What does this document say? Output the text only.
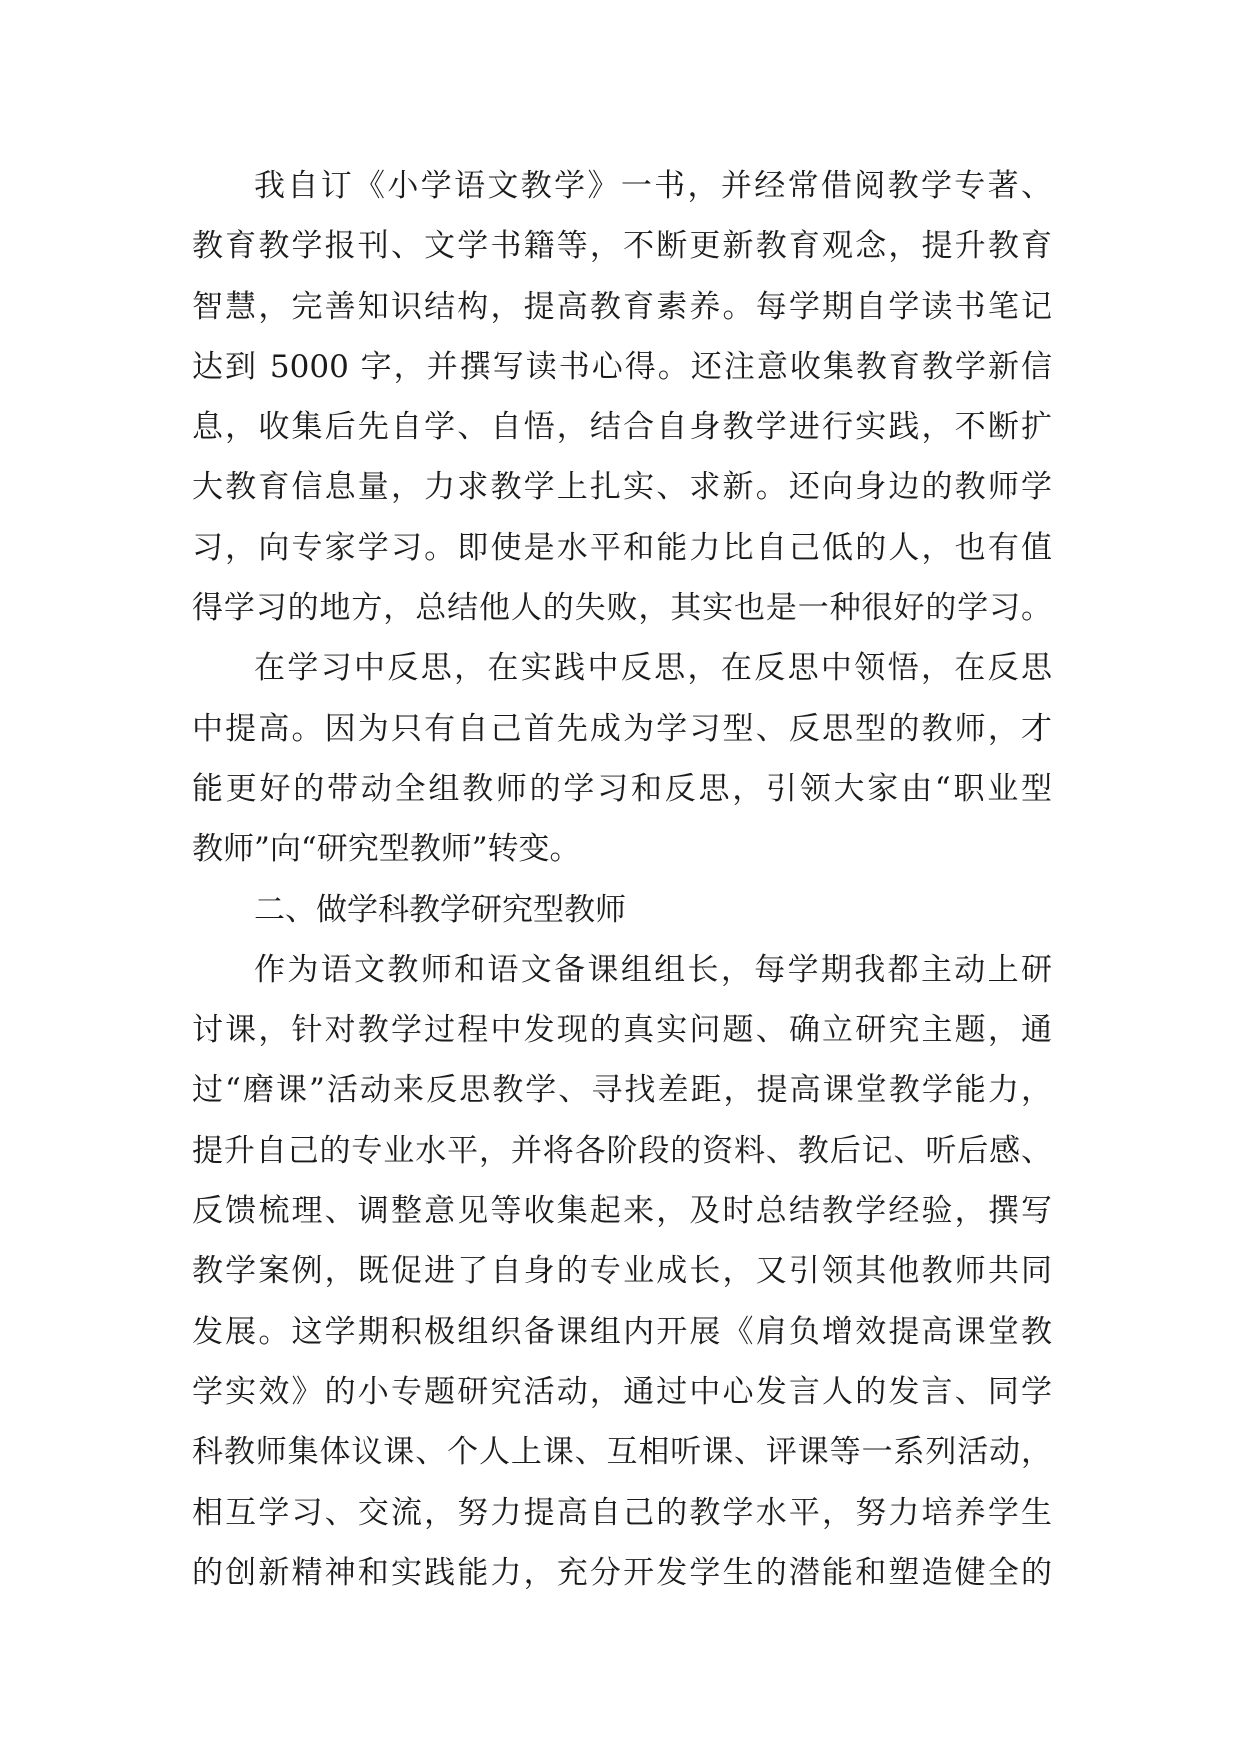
我自订《小学语文教学》一书，并经常借阅教学专著、
教育教学报刊、文学书籍等，不断更新教育观念，提升教育
智慧，完善知识结构，提高教育素养。每学期自学读书笔记
达到 5000 字，并撰写读书心得。还注意收集教育教学新信
息，收集后先自学、自悟，结合自身教学进行实践，不断扩
大教育信息量，力求教学上扎实、求新。还向身边的教师学
习，向专家学习。即使是水平和能力比自己低的人，也有值
得学习的地方，总结他人的失败，其实也是一种很好的学习。
在学习中反思，在实践中反思，在反思中领悟，在反思
中提高。因为只有自己首先成为学习型、反思型的教师，才
能更好的带动全组教师的学习和反思，引领大家由“职业型
教师”向“研究型教师”转变。
二、做学科教学研究型教师
作为语文教师和语文备课组组长，每学期我都主动上研
讨课，针对教学过程中发现的真实问题、确立研究主题，通
过“磨课”活动来反思教学、寻找差距，提高课堂教学能力，
提升自己的专业水平，并将各阶段的资料、教后记、听后感、
反馈梳理、调整意见等收集起来，及时总结教学经验，撰写
教学案例，既促进了自身的专业成长，又引领其他教师共同
发展。这学期积极组织备课组内开展《肩负增效提高课堂教
学实效》的小专题研究活动，通过中心发言人的发言、同学
科教师集体议课、个人上课、互相听课、评课等一系列活动，
相互学习、交流，努力提高自己的教学水平，努力培养学生
的创新精神和实践能力，充分开发学生的潜能和塑造健全的
